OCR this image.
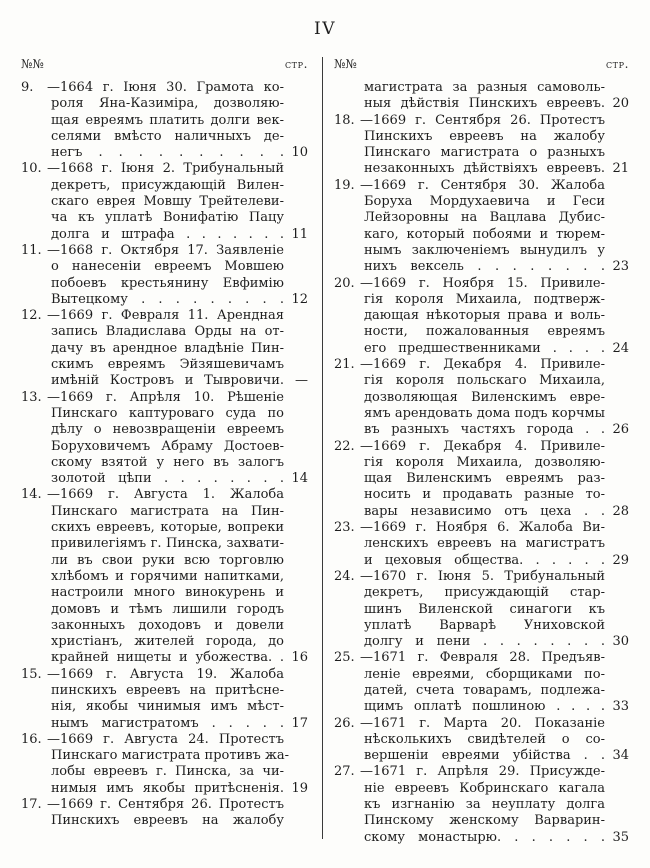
IV
№№	стр.
9. —1664 г. Іюня 30. Грамота ко-
роля Яна-Казиміра, дозволяю-
щая евреямъ платить долги век-
селями вмѣсто наличныхъ де-
негъ . . . . . . . . . . 10
10. —1668 г. Іюня 2. Трибунальный
декретъ, присуждающій Вилен-
скаго еврея Мовшу Трейтелеви-
ча къ уплатѣ Вонифатію Пацу
долга и штрафа . . . . . . . 11
11. —1668 г. Октября 17. Заявленіе
о нанесеніи евреемъ Мовшею
побоевъ крестьянину Евфимію
Вытецкому . . . . . . . . . 12
12. —1669 г. Февраля 11. Арендная
запись Владислава Орды на от-
дачу въ арендное владѣніе Пин-
скимъ евреямъ Эйзяшевичамъ
имѣній Костровъ и Тывровичи. —
13. —1669 г. Апрѣля 10. Рѣшеніе
Пинскаго каптуроваго суда по
дѣлу о невозвращеніи евреемъ
Боруховичемъ Абраму Достоев-
скому взятой у него въ залогъ
золотой цѣпи . . . . . . . . 14
14. —1669 г. Августа 1. Жалоба
Пинскаго магистрата на Пин-
скихъ евреевъ, которые, вопреки
привилегіямъ г. Пинска, захвати-
ли въ свои руки всю торговлю
хлѣбомъ и горячими напитками,
настроили много винокурень и
домовъ и тѣмъ лишили городъ
законныхъ доходовъ и довели
христіанъ, жителей города, до
крайней нищеты и убожества. . 16
15. —1669 г. Августа 19. Жалоба
пинскихъ евреевъ на притѣсне-
нія, якобы чинимыя имъ мѣст-
нымъ магистратомъ . . . . . 17
16. —1669 г. Августа 24. Протестъ
Пинскаго магистрата противъ жа-
лобы евреевъ г. Пинска, за чи-
нимыя имъ якобы притѣсненія. 19
17. —1669 г. Сентября 26. Протестъ
Пинскихъ евреевъ на жалобу
№№	стр.
магистрата за разныя самоволь-
ныя дѣйствія Пинскихъ евреевъ. 20
18. —1669 г. Сентября 26. Протестъ
Пинскихъ евреевъ на жалобу
Пинскаго магистрата о разныхъ
незаконныхъ дѣйствіяхъ евреевъ. 21
19. —1669 г. Сентября 30. Жалоба
Боруха Мордухаевича и Геси
Лейзоровны на Вацлава Дубис-
каго, который побоями и тюрем-
нымъ заключеніемъ вынудилъ у
нихъ вексель . . . . . . . . 23
20. —1669 г. Ноября 15. Привиле-
гія короля Михаила, подтверж-
дающая нѣкоторыя права и воль-
ности, пожалованныя евреямъ
его предшественниками . . . . 24
21. —1669 г. Декабря 4. Привиле-
гія короля польскаго Михаила,
дозволяющая Виленскимъ евре-
ямъ арендовать дома подъ корчмы
въ разныхъ частяхъ города . . 26
22. —1669 г. Декабря 4. Привиле-
гія короля Михаила, дозволяю-
щая Виленскимъ евреямъ раз-
носить и продавать разные то-
вары независимо отъ цеха . . 28
23. —1669 г. Ноября 6. Жалоба Ви-
ленскихъ евреевъ на магистратъ
и цеховыя общества. . . . . . 29
24. —1670 г. Іюня 5. Трибунальный
декретъ, присуждающій стар-
шинъ Виленской синагоги къ
уплатѣ Варварѣ Униховской
долгу и пени . . . . . . . . 30
25. —1671 г. Февраля 28. Предъяв-
леніе евреями, сборщиками по-
датей, счета товарамъ, подлежа-
щимъ оплатѣ пошлиною . . . . 33
26. —1671 г. Марта 20. Показаніе
нѣсколькихъ свидѣтелей о со-
вершеніи евреями убійства . . 34
27. —1671 г. Апрѣля 29. Присужде-
ніе евреевъ Кобринскаго кагала
къ изгнанію за неуплату долга
Пинскому женскому Варварин-
скому монастырю. . . . . . . 35
